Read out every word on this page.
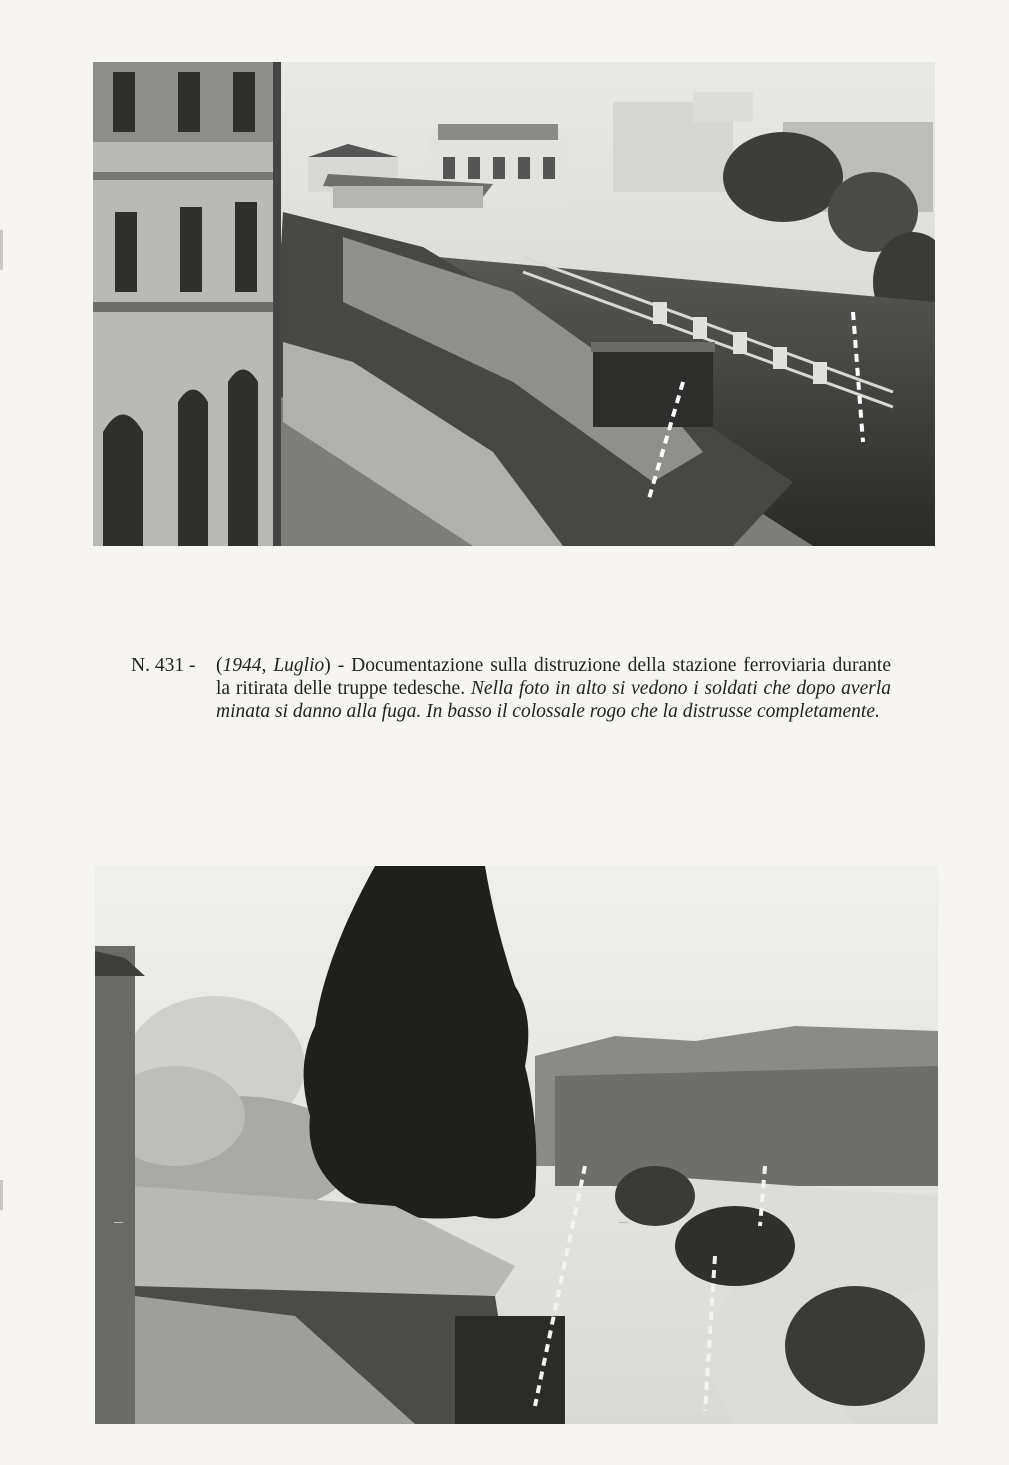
N. 431 -	(1944, Luglio) - Documentazione sulla distruzione della stazione ferroviaria durante la ritirata delle truppe tedesche. Nella foto in alto si vedono i soldati che dopo averla minata si danno alla fuga. In basso il colossale rogo che la distrusse completamente.
